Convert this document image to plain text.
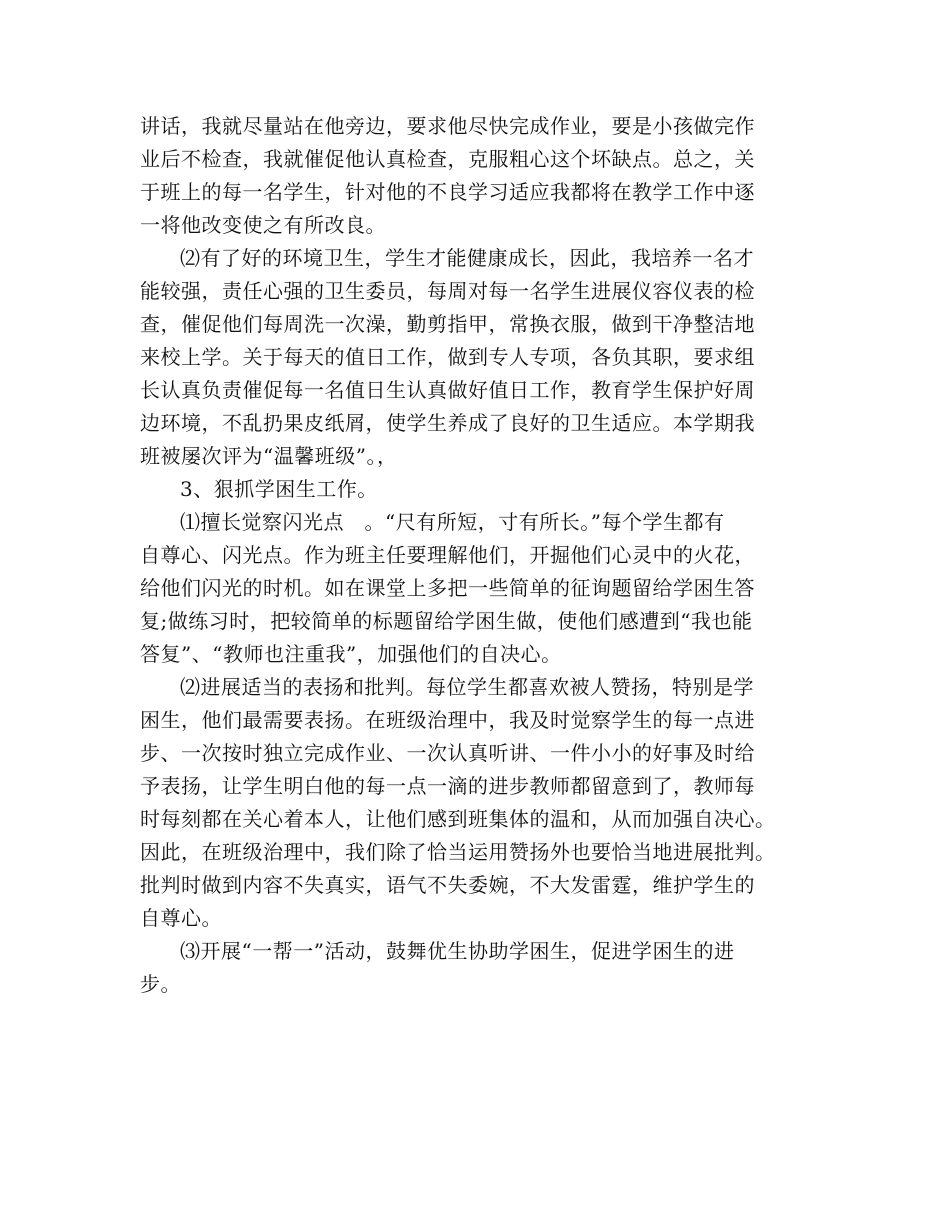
讲话，我就尽量站在他旁边，要求他尽快完成作业，要是小孩做完作
业后不检查，我就催促他认真检查，克服粗心这个坏缺点。总之，关
于班上的每一名学生，针对他的不良学习适应我都将在教学工作中逐
一将他改变使之有所改良。
⑵有了好的环境卫生，学生才能健康成长，因此，我培养一名才
能较强，责任心强的卫生委员，每周对每一名学生进展仪容仪表的检
查，催促他们每周洗一次澡，勤剪指甲，常换衣服，做到干净整洁地
来校上学。关于每天的值日工作，做到专人专项，各负其职，要求组
长认真负责催促每一名值日生认真做好值日工作，教育学生保护好周
边环境，不乱扔果皮纸屑，使学生养成了良好的卫生适应。本学期我
班被屡次评为“温馨班级”。，
3、狠抓学困生工作。
⑴擅长觉察闪光点　。“尺有所短，寸有所长。”每个学生都有
自尊心、闪光点。作为班主任要理解他们，开掘他们心灵中的火花，
给他们闪光的时机。如在课堂上多把一些简单的征询题留给学困生答
复;做练习时，把较简单的标题留给学困生做，使他们感遭到“我也能
答复”、“教师也注重我”，加强他们的自决心。
⑵进展适当的表扬和批判。每位学生都喜欢被人赞扬，特别是学
困生，他们最需要表扬。在班级治理中，我及时觉察学生的每一点进
步、一次按时独立完成作业、一次认真听讲、一件小小的好事及时给
予表扬，让学生明白他的每一点一滴的进步教师都留意到了，教师每
时每刻都在关心着本人，让他们感到班集体的温和，从而加强自决心。
因此，在班级治理中，我们除了恰当运用赞扬外也要恰当地进展批判。
批判时做到内容不失真实，语气不失委婉，不大发雷霆，维护学生的
自尊心。
⑶开展“一帮一”活动，鼓舞优生协助学困生，促进学困生的进
步。
